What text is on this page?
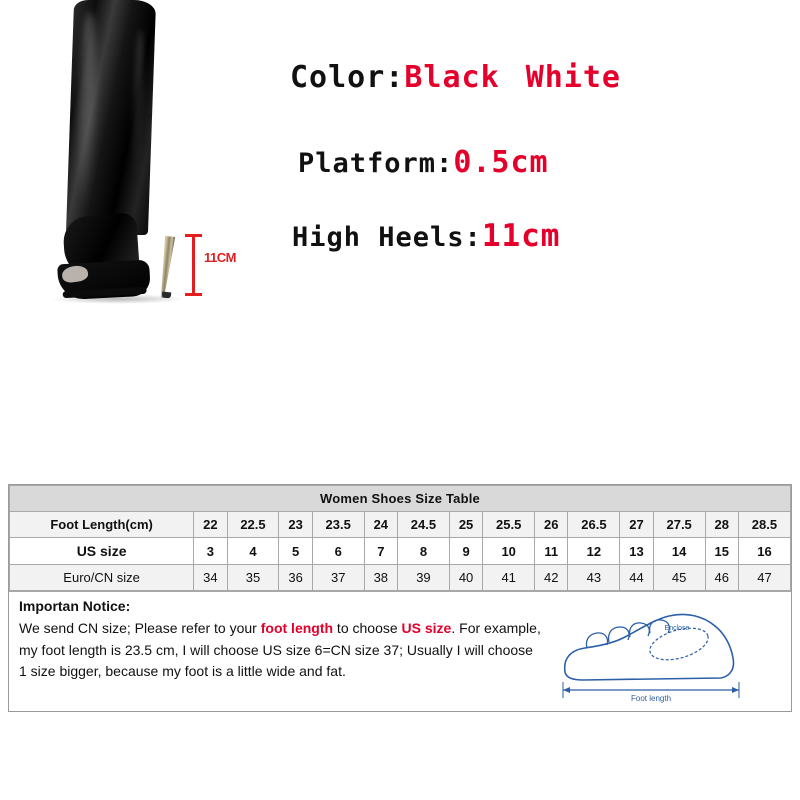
11CM
Color:Black White
Platform:0.5cm
High Heels:11cm
Women Shoes Size Table														
Foot Length(cm)	22	22.5	23	23.5	24	24.5	25	25.5	26	26.5	27	27.5	28	28.5
US size	3	4	5	6	7	8	9	10	11	12	13	14	15	16
Euro/CN size	34	35	36	37	38	39	40	41	42	43	44	45	46	47
Importan Notice:
We send CN size; Please refer to your foot length to choose US size. For example,
my foot length is 23.5 cm, I will choose US size 6=CN size 37; Usually I will choose
1 size bigger, because my foot is a little wide and fat.
Enclose
Foot length
